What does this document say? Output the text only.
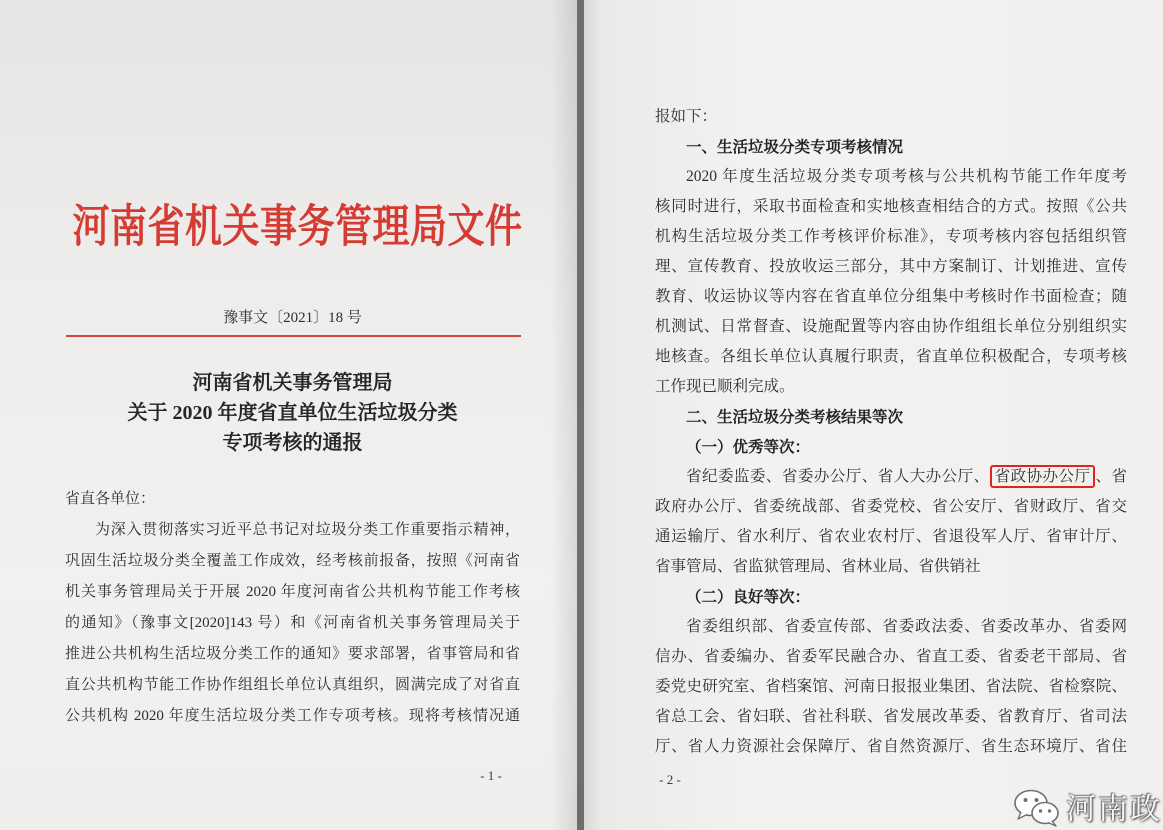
河南省机关事务管理局文件
豫事文〔2021〕18 号
河南省机关事务管理局
关于 2020 年度省直单位生活垃圾分类
专项考核的通报
省直各单位：
为深入贯彻落实习近平总书记对垃圾分类工作重要指示精神，
巩固生活垃圾分类全覆盖工作成效，经考核前报备，按照《河南省
机关事务管理局关于开展 2020 年度河南省公共机构节能工作考核
的通知》（豫事文[2020]143 号）和《河南省机关事务管理局关于
推进公共机构生活垃圾分类工作的通知》要求部署，省事管局和省
直公共机构节能工作协作组组长单位认真组织，圆满完成了对省直
公共机构 2020 年度生活垃圾分类工作专项考核。现将考核情况通
- 1 -
报如下：
一、生活垃圾分类专项考核情况
2020 年度生活垃圾分类专项考核与公共机构节能工作年度考
核同时进行，采取书面检查和实地核查相结合的方式。按照《公共
机构生活垃圾分类工作考核评价标准》，专项考核内容包括组织管
理、宣传教育、投放收运三部分，其中方案制订、计划推进、宣传
教育、收运协议等内容在省直单位分组集中考核时作书面检查；随
机测试、日常督查、设施配置等内容由协作组组长单位分别组织实
地核查。各组长单位认真履行职责，省直单位积极配合，专项考核
工作现已顺利完成。
二、生活垃圾分类考核结果等次
（一）优秀等次：
省纪委监委、省委办公厅、省人大办公厅、 省政协办公厅 、省
政府办公厅、省委统战部、省委党校、省公安厅、省财政厅、省交
通运输厅、省水利厅、省农业农村厅、省退役军人厅、省审计厅、
省事管局、省监狱管理局、省林业局、省供销社
（二）良好等次：
省委组织部、省委宣传部、省委政法委、省委改革办、省委网
信办、省委编办、省委军民融合办、省直工委、省委老干部局、省
委党史研究室、省档案馆、河南日报报业集团、省法院、省检察院、
省总工会、省妇联、省社科联、省发展改革委、省教育厅、省司法
厅、省人力资源社会保障厅、省自然资源厅、省生态环境厅、省住
- 2 -
河南政
